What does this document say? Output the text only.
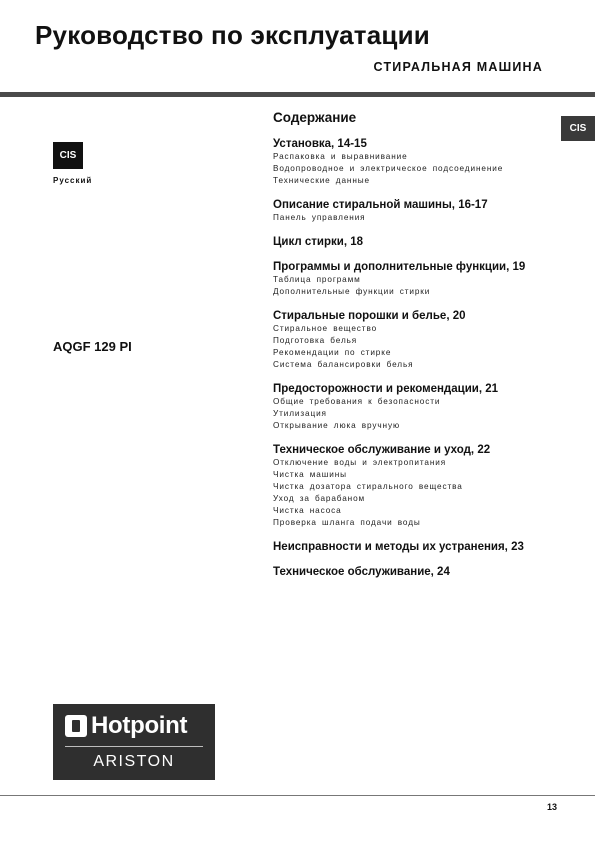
Руководство по эксплуатации
СТИРАЛЬНАЯ МАШИНА
CIS
CIS
Русский
AQGF 129 PI
Содержание
Установка, 14-15
Распаковка и выравнивание
Водопроводное и электрическое подсоединение
Технические данные
Описание стиральной машины, 16-17
Панель управления
Цикл стирки, 18
Программы и дополнительные функции, 19
Таблица программ
Дополнительные функции стирки
Стиральные порошки и белье, 20
Стиральное вещество
Подготовка белья
Рекомендации по стирке
Система балансировки белья
Предосторожности и рекомендации, 21
Общие требования к безопасности
Утилизация
Открывание люка вручную
Техническое обслуживание и уход, 22
Отключение воды и электропитания
Чистка машины
Чистка дозатора стирального вещества
Уход за барабаном
Чистка насоса
Проверка шланга подачи воды
Неисправности и методы их устранения, 23
Техническое обслуживание, 24
Hotpoint
ARISTON
13
